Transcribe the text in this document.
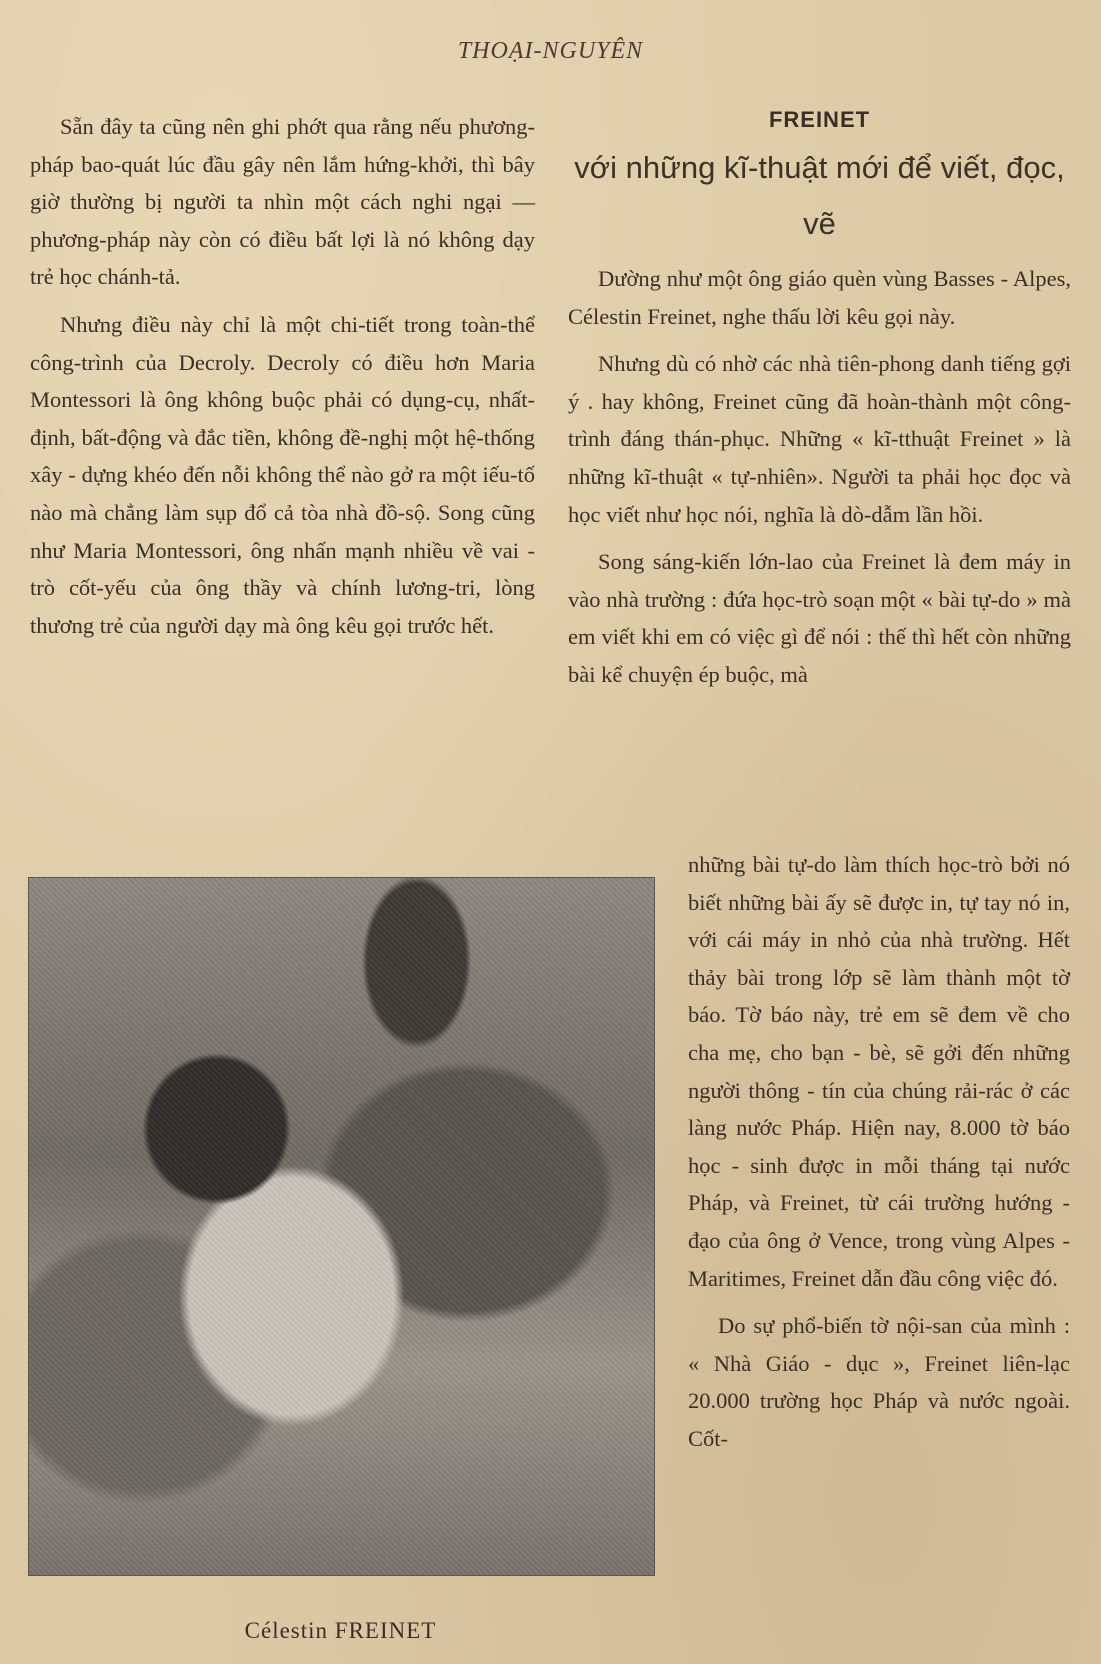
THOẠI-NGUYÊN

Sẵn đây ta cũng nên ghi phớt qua rằng nếu phương-pháp bao-quát lúc đầu gây nên lắm hứng-khởi, thì bây giờ thường bị người ta nhìn một cách nghi ngại — phương-pháp này còn có điều bất lợi là nó không dạy trẻ học chánh-tả.

Nhưng điều này chỉ là một chi-tiết trong toàn-thể công-trình của Decroly. Decroly có điều hơn Maria Montessori là ông không buộc phải có dụng-cụ, nhất-định, bất-động và đắc tiền, không đề-nghị một hệ-thống xây - dựng khéo đến nỗi không thể nào gở ra một iếu-tố nào mà chẳng làm sụp đổ cả tòa nhà đồ-sộ. Song cũng như Maria Montessori, ông nhấn mạnh nhiều về vai - trò cốt-yếu của ông thầy và chính lương-tri, lòng thương trẻ của người dạy mà ông kêu gọi trước hết.

FREINET
với những kĩ-thuật mới để viết, đọc, vẽ

Dường như một ông giáo quèn vùng Basses - Alpes, Célestin Freinet, nghe thấu lời kêu gọi này.

Nhưng dù có nhờ các nhà tiên-phong danh tiếng gợi ý . hay không, Freinet cũng đã hoàn-thành một công-trình đáng thán-phục. Những « kĩ-tthuật Freinet » là những kĩ-thuật « tự-nhiên». Người ta phải học đọc và học viết như học nói, nghĩa là dò-dẫm lần hồi.

Song sáng-kiến lớn-lao của Freinet là đem máy in vào nhà trường : đứa học-trò soạn một « bài tự-do » mà em viết khi em có việc gì để nói : thế thì hết còn những bài kể chuyện ép buộc, mà

những bài tự-do làm thích học-trò bởi nó biết những bài ấy sẽ được in, tự tay nó in, với cái máy in nhỏ của nhà trường. Hết thảy bài trong lớp sẽ làm thành một tờ báo. Tờ báo này, trẻ em sẽ đem về cho cha mẹ, cho bạn - bè, sẽ gởi đến những người thông - tín của chúng rải-rác ở các làng nước Pháp. Hiện nay, 8.000 tờ báo học - sinh được in mỗi tháng tại nước Pháp, và Freinet, từ cái trường hướng - đạo của ông ở Vence, trong vùng Alpes - Maritimes, Freinet dẫn đầu công việc đó.

Do sự phổ-biến tờ nội-san của mình : « Nhà Giáo - dục », Freinet liên-lạc 20.000 trường học Pháp và nước ngoài. Cốt-

Célestin FREINET
